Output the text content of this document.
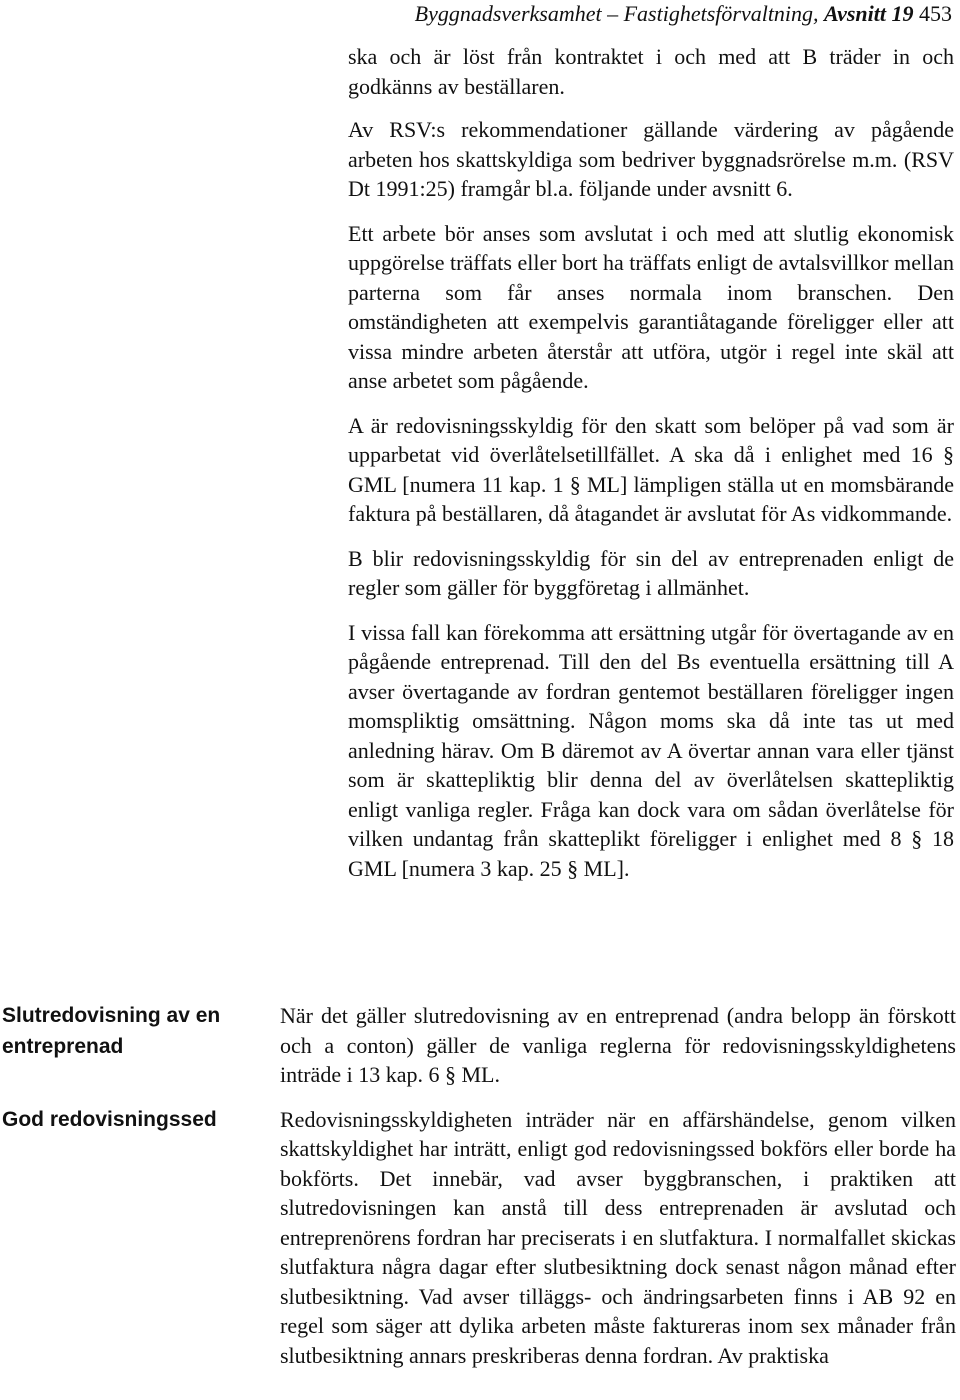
Byggnadsverksamhet – Fastighetsförvaltning, Avsnitt 19 453

ska och är löst från kontraktet i och med att B träder in och godkänns av beställaren.

Av RSV:s rekommendationer gällande värdering av pågående arbeten hos skattskyldiga som bedriver byggnadsrörelse m.m. (RSV Dt 1991:25) framgår bl.a. följande under avsnitt 6.

Ett arbete bör anses som avslutat i och med att slutlig ekonomisk uppgörelse träffats eller bort ha träffats enligt de avtalsvillkor mellan parterna som får anses normala inom branschen. Den omständigheten att exempelvis garantiåtagande föreligger eller att vissa mindre arbeten återstår att utföra, utgör i regel inte skäl att anse arbetet som pågående.

A är redovisningsskyldig för den skatt som belöper på vad som är upparbetat vid överlåtelsetillfället. A ska då i enlighet med 16 § GML [numera 11 kap. 1 § ML] lämpligen ställa ut en momsbärande faktura på beställaren, då åtagandet är avslutat för As vidkommande.

B blir redovisningsskyldig för sin del av entreprenaden enligt de regler som gäller för byggföretag i allmänhet.

I vissa fall kan förekomma att ersättning utgår för övertagande av en pågående entreprenad. Till den del Bs eventuella ersättning till A avser övertagande av fordran gentemot beställaren föreligger ingen momspliktig omsättning. Någon moms ska då inte tas ut med anledning härav. Om B däremot av A övertar annan vara eller tjänst som är skattepliktig blir denna del av överlåtelsen skattepliktig enligt vanliga regler. Fråga kan dock vara om sådan överlåtelse för vilken undantag från skatteplikt föreligger i enlighet med 8 § 18 GML [numera 3 kap. 25 § ML].

Slutredovisning av en entreprenad
God redovisningssed

När det gäller slutredovisning av en entreprenad (andra belopp än förskott och a conton) gäller de vanliga reglerna för redovisningsskyldighetens inträde i 13 kap. 6 § ML.

Redovisningsskyldigheten inträder när en affärshändelse, genom vilken skattskyldighet har inträtt, enligt god redovisningssed bokförs eller borde ha bokförts. Det innebär, vad avser byggbranschen, i praktiken att slutredovisningen kan anstå till dess entreprenaden är avslutad och entreprenörens fordran har preciserats i en slutfaktura. I normalfallet skickas slutfaktura några dagar efter slutbesiktning dock senast någon månad efter slutbesiktning. Vad avser tilläggs- och ändringsarbeten finns i AB 92 en regel som säger att dylika arbeten måste faktureras inom sex månader från slutbesiktning annars preskriberas denna fordran. Av praktiska
